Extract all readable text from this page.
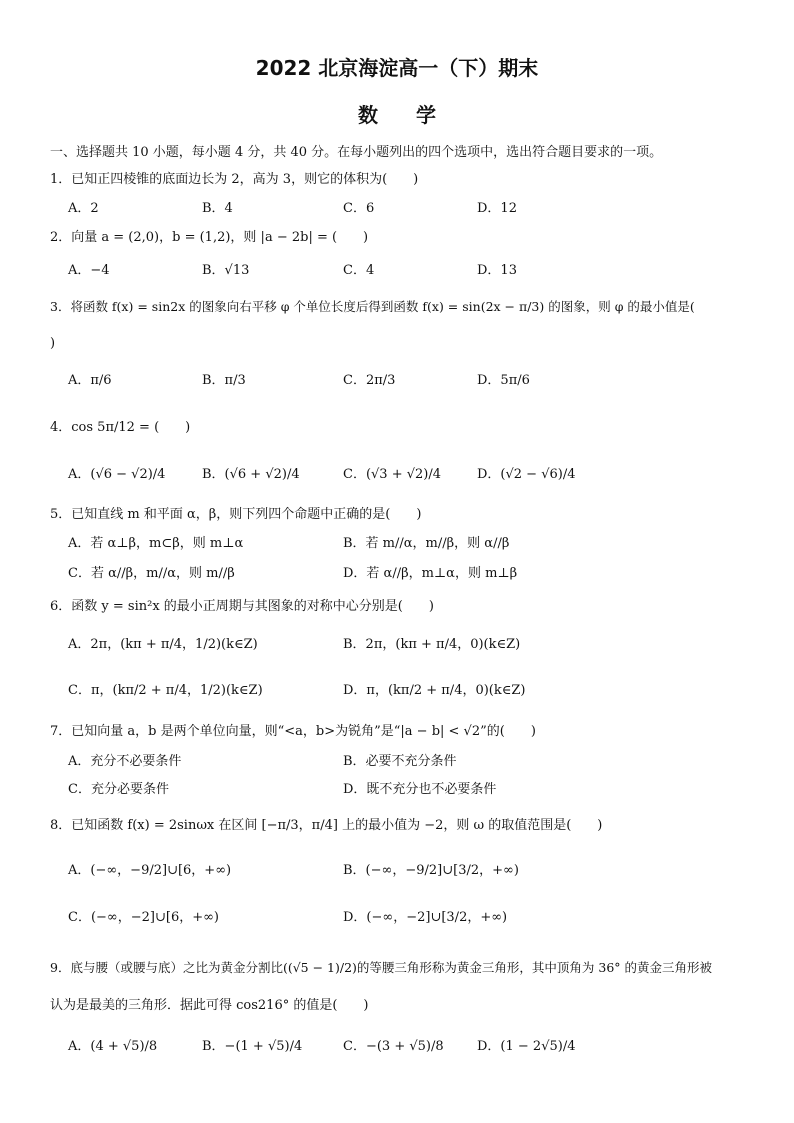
2022 北京海淀高一（下）期末
数学
一、选择题共 10 小题，每小题 4 分，共 40 分。在每小题列出的四个选项中，选出符合题目要求的一项。
1．已知正四棱锥的底面边长为 2，高为 3，则它的体积为(　　)
A．2	B．4	C．6	D．12
2．向量 a = (2,0)，b = (1,2)，则 |a − 2b| = (　　)
A．−4	B．√13	C．4	D．13
3．将函数 f(x) = sin2x 的图象向右平移 φ 个单位长度后得到函数 f(x) = sin(2x − π/3) 的图象，则 φ 的最小值是(
)
A．π/6	B．π/3	C．2π/3	D．5π/6
4．cos 5π/12 = (　　)
A．(√6 − √2)/4	B．(√6 + √2)/4	C．(√3 + √2)/4	D．(√2 − √6)/4
5．已知直线 m 和平面 α，β，则下列四个命题中正确的是(　　)
A．若 α⊥β，m⊂β，则 m⊥α	B．若 m//α，m//β，则 α//β
C．若 α//β，m//α，则 m//β	D．若 α//β，m⊥α，则 m⊥β
6．函数 y = sin²x 的最小正周期与其图象的对称中心分别是(　　)
A．2π，(kπ + π/4，1/2)(k∈Z)	B．2π，(kπ + π/4，0)(k∈Z)
C．π，(kπ/2 + π/4，1/2)(k∈Z)	D．π，(kπ/2 + π/4，0)(k∈Z)
7．已知向量 a，b 是两个单位向量，则“<a，b>为锐角”是“|a − b| < √2”的(　　)
A．充分不必要条件	B．必要不充分条件
C．充分必要条件	D．既不充分也不必要条件
8．已知函数 f(x) = 2sinωx 在区间 [−π/3，π/4] 上的最小值为 −2，则 ω 的取值范围是(　　)
A．(−∞，−9/2]∪[6，+∞)	B．(−∞，−9/2]∪[3/2，+∞)
C．(−∞，−2]∪[6，+∞)	D．(−∞，−2]∪[3/2，+∞)
9．底与腰（或腰与底）之比为黄金分割比((√5 − 1)/2)的等腰三角形称为黄金三角形，其中顶角为 36° 的黄金三角形被
认为是最美的三角形．据此可得 cos216° 的值是(　　)
A．(4 + √5)/8	B．−(1 + √5)/4	C．−(3 + √5)/8	D．(1 − 2√5)/4
